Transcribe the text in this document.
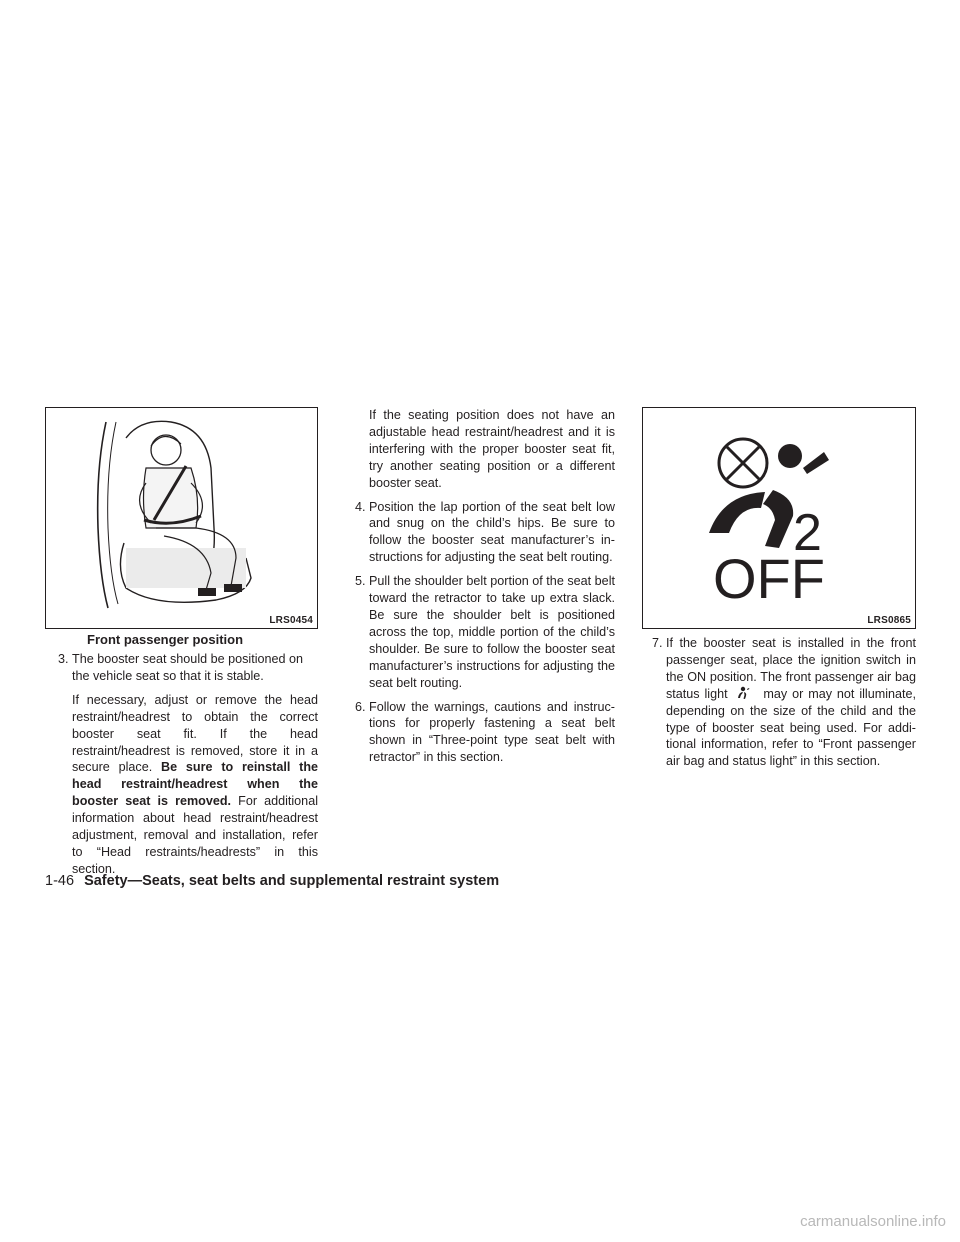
LRS0454
Front passenger position
3. The booster seat should be positioned on the vehicle seat so that it is stable.
If necessary, adjust or remove the head restraint/headrest to obtain the correct booster seat fit. If the head restraint/headrest is removed, store it in a secure place. Be sure to reinstall the head restraint/headrest when the booster seat is removed. For additional information about head restraint/headrest adjustment, removal and installation, refer to “Head restraints/headrests” in this section.
If the seating position does not have an adjustable head restraint/headrest and it is interfering with the proper booster seat fit, try another seating position or a different booster seat.
4. Position the lap portion of the seat belt low and snug on the child’s hips. Be sure to follow the booster seat manufacturer’s in-structions for adjusting the seat belt routing.
5. Pull the shoulder belt portion of the seat belt toward the retractor to take up extra slack. Be sure the shoulder belt is positioned across the top, middle portion of the child’s shoulder. Be sure to follow the booster seat manufacturer’s instructions for adjusting the seat belt routing.
6. Follow the warnings, cautions and instruc-tions for properly fastening a seat belt shown in “Three-point type seat belt with retractor” in this section.
OFF
2
LRS0865
7. If the booster seat is installed in the front passenger seat, place the ignition switch in the ON position. The front passenger air bag status light	may or may not illuminate, depending on the size of the child and the type of booster seat being used. For addi-tional information, refer to “Front passenger air bag and status light” in this section.
1-46 Safety—Seats, seat belts and supplemental restraint system
carmanualsonline.info
